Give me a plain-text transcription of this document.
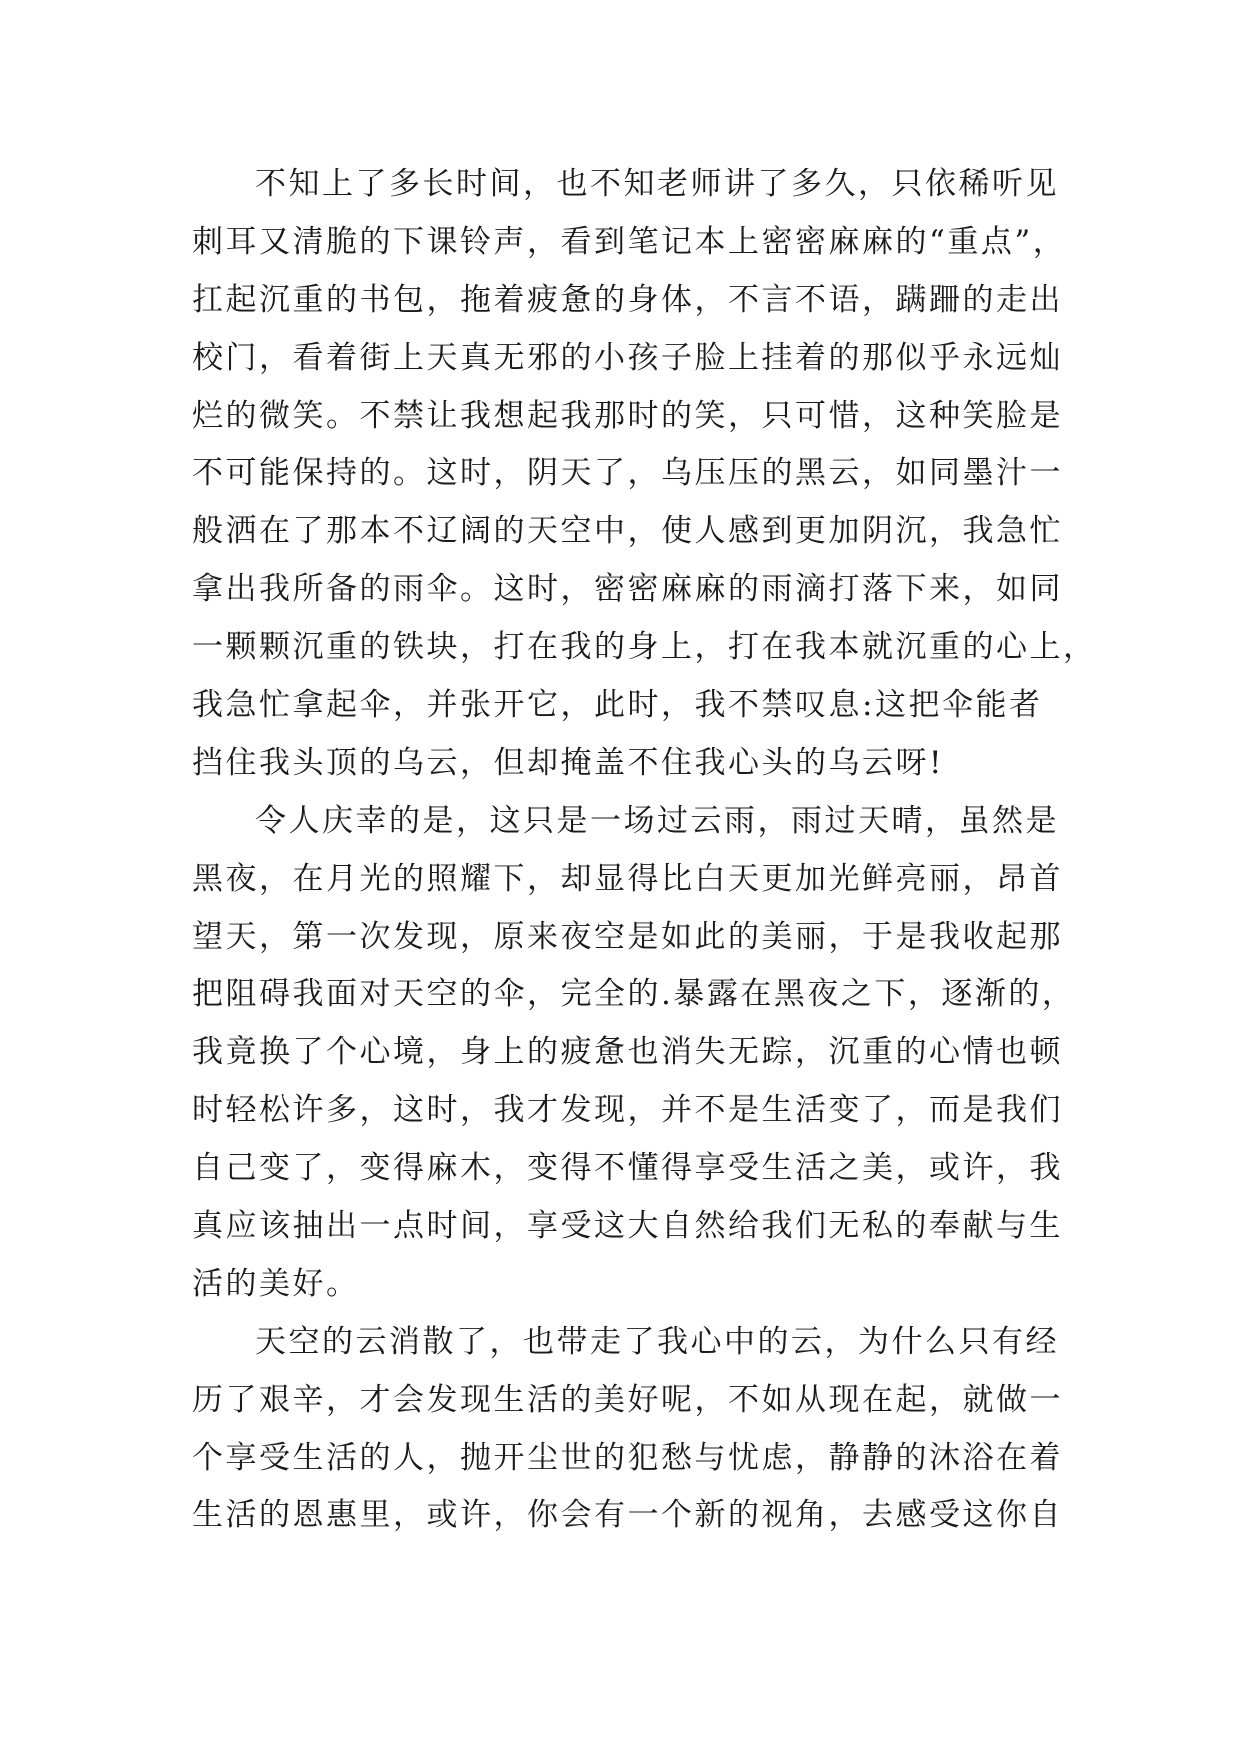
不知上了多长时间，也不知老师讲了多久，只依稀听见
刺耳又清脆的下课铃声，看到笔记本上密密麻麻的“重点”，
扛起沉重的书包，拖着疲惫的身体，不言不语，蹒跚的走出
校门，看着街上天真无邪的小孩子脸上挂着的那似乎永远灿
烂的微笑。不禁让我想起我那时的笑，只可惜，这种笑脸是
不可能保持的。这时，阴天了，乌压压的黑云，如同墨汁一
般洒在了那本不辽阔的天空中，使人感到更加阴沉，我急忙
拿出我所备的雨伞。这时，密密麻麻的雨滴打落下来，如同
一颗颗沉重的铁块，打在我的身上，打在我本就沉重的心上，
我急忙拿起伞，并张开它，此时，我不禁叹息:这把伞能者
挡住我头顶的乌云，但却掩盖不住我心头的乌云呀!
令人庆幸的是，这只是一场过云雨，雨过天晴，虽然是
黑夜，在月光的照耀下，却显得比白天更加光鲜亮丽，昂首
望天，第一次发现，原来夜空是如此的美丽，于是我收起那
把阻碍我面对天空的伞，完全的.暴露在黑夜之下，逐渐的，
我竟换了个心境，身上的疲惫也消失无踪，沉重的心情也顿
时轻松许多，这时，我才发现，并不是生活变了，而是我们
自己变了，变得麻木，变得不懂得享受生活之美，或许，我
真应该抽出一点时间，享受这大自然给我们无私的奉献与生
活的美好。
天空的云消散了，也带走了我心中的云，为什么只有经
历了艰辛，才会发现生活的美好呢，不如从现在起，就做一
个享受生活的人，抛开尘世的犯愁与忧虑，静静的沐浴在着
生活的恩惠里，或许，你会有一个新的视角，去感受这你自
